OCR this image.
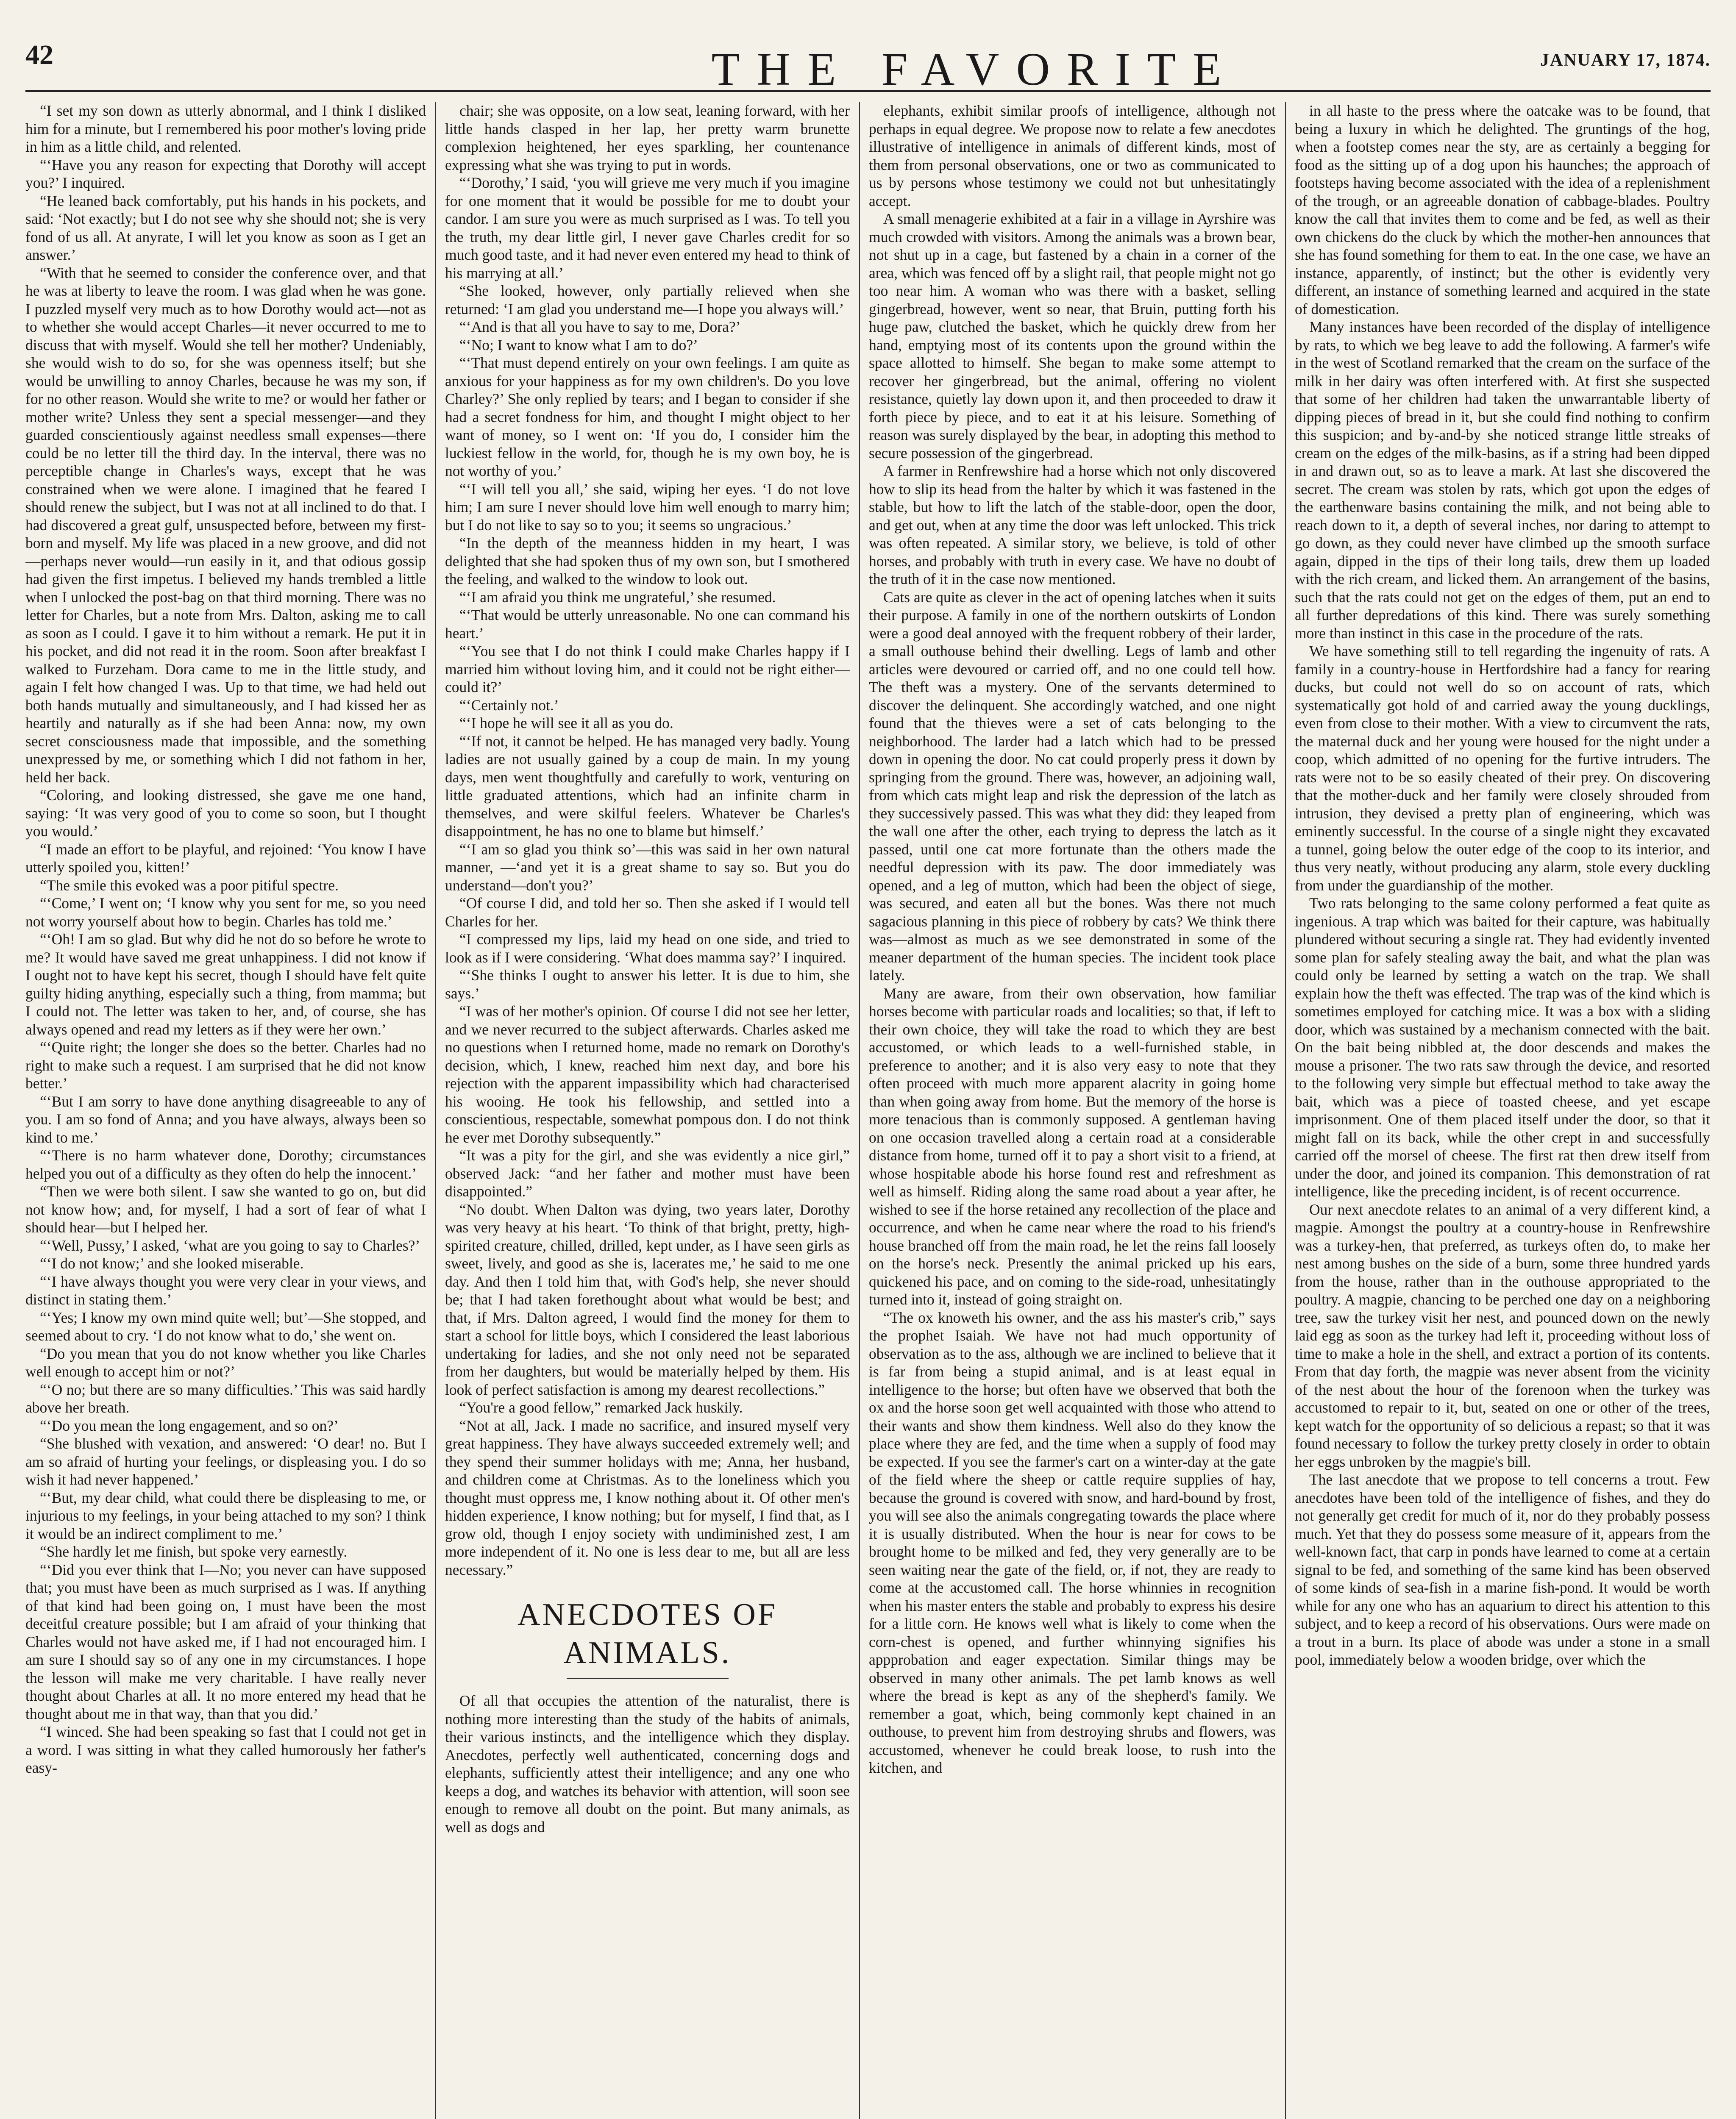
42	THE FAVORITE	JANUARY 17, 1874.

“I set my son down as utterly abnormal, and I think I disliked him for a minute, but I remembered his poor mother's loving pride in him as a little child, and relented.

“‘Have you any reason for expecting that Dorothy will accept you?’ I inquired.

“He leaned back comfortably, put his hands in his pockets, and said: ‘Not exactly; but I do not see why she should not; she is very fond of us all. At anyrate, I will let you know as soon as I get an answer.’

“With that he seemed to consider the conference over, and that he was at liberty to leave the room. I was glad when he was gone. I puzzled myself very much as to how Dorothy would act—not as to whether she would accept Charles—it never occurred to me to discuss that with myself. Would she tell her mother? Undeniably, she would wish to do so, for she was openness itself; but she would be unwilling to annoy Charles, because he was my son, if for no other reason. Would she write to me? or would her father or mother write? Unless they sent a special messenger—and they guarded conscientiously against needless small expenses—there could be no letter till the third day. In the interval, there was no perceptible change in Charles's ways, except that he was constrained when we were alone. I imagined that he feared I should renew the subject, but I was not at all inclined to do that. I had discovered a great gulf, unsuspected before, between my first-born and myself. My life was placed in a new groove, and did not—perhaps never would—run easily in it, and that odious gossip had given the first impetus. I believed my hands trembled a little when I unlocked the post-bag on that third morning. There was no letter for Charles, but a note from Mrs. Dalton, asking me to call as soon as I could. I gave it to him without a remark. He put it in his pocket, and did not read it in the room. Soon after breakfast I walked to Furzeham. Dora came to me in the little study, and again I felt how changed I was. Up to that time, we had held out both hands mutually and simultaneously, and I had kissed her as heartily and naturally as if she had been Anna: now, my own secret consciousness made that impossible, and the something unexpressed by me, or something which I did not fathom in her, held her back.

“Coloring, and looking distressed, she gave me one hand, saying: ‘It was very good of you to come so soon, but I thought you would.’

“I made an effort to be playful, and rejoined: ‘You know I have utterly spoiled you, kitten!’

“The smile this evoked was a poor pitiful spectre.

“‘Come,’ I went on; ‘I know why you sent for me, so you need not worry yourself about how to begin. Charles has told me.’

“‘Oh! I am so glad. But why did he not do so before he wrote to me? It would have saved me great unhappiness. I did not know if I ought not to have kept his secret, though I should have felt quite guilty hiding anything, especially such a thing, from mamma; but I could not. The letter was taken to her, and, of course, she has always opened and read my letters as if they were her own.’

“‘Quite right; the longer she does so the better. Charles had no right to make such a request. I am surprised that he did not know better.’

“‘But I am sorry to have done anything disagreeable to any of you. I am so fond of Anna; and you have always, always been so kind to me.’

“‘There is no harm whatever done, Dorothy; circumstances helped you out of a difficulty as they often do help the innocent.’

“Then we were both silent. I saw she wanted to go on, but did not know how; and, for myself, I had a sort of fear of what I should hear—but I helped her.

“‘Well, Pussy,’ I asked, ‘what are you going to say to Charles?’

“‘I do not know;’ and she looked miserable.

“‘I have always thought you were very clear in your views, and distinct in stating them.’

“‘Yes; I know my own mind quite well; but’—She stopped, and seemed about to cry. ‘I do not know what to do,’ she went on.

“Do you mean that you do not know whether you like Charles well enough to accept him or not?’

“‘O no; but there are so many difficulties.’ This was said hardly above her breath.

“‘Do you mean the long engagement, and so on?’

“She blushed with vexation, and answered: ‘O dear! no. But I am so afraid of hurting your feelings, or displeasing you. I do so wish it had never happened.’

“‘But, my dear child, what could there be displeasing to me, or injurious to my feelings, in your being attached to my son? I think it would be an indirect compliment to me.’

“She hardly let me finish, but spoke very earnestly.

“‘Did you ever think that I—No; you never can have supposed that; you must have been as much surprised as I was. If anything of that kind had been going on, I must have been the most deceitful creature possible; but I am afraid of your thinking that Charles would not have asked me, if I had not encouraged him. I am sure I should say so of any one in my circumstances. I hope the lesson will make me very charitable. I have really never thought about Charles at all. It no more entered my head that he thought about me in that way, than that you did.’

“I winced. She had been speaking so fast that I could not get in a word. I was sitting in what they called humorously her father's easy-

chair; she was opposite, on a low seat, leaning forward, with her little hands clasped in her lap, her pretty warm brunette complexion heightened, her eyes sparkling, her countenance expressing what she was trying to put in words.

“‘Dorothy,’ I said, ‘you will grieve me very much if you imagine for one moment that it would be possible for me to doubt your candor. I am sure you were as much surprised as I was. To tell you the truth, my dear little girl, I never gave Charles credit for so much good taste, and it had never even entered my head to think of his marrying at all.’

“She looked, however, only partially relieved when she returned: ‘I am glad you understand me—I hope you always will.’

“‘And is that all you have to say to me, Dora?’

“‘No; I want to know what I am to do?’

“‘That must depend entirely on your own feelings. I am quite as anxious for your happiness as for my own children's. Do you love Charley?’ She only replied by tears; and I began to consider if she had a secret fondness for him, and thought I might object to her want of money, so I went on: ‘If you do, I consider him the luckiest fellow in the world, for, though he is my own boy, he is not worthy of you.’

“‘I will tell you all,’ she said, wiping her eyes. ‘I do not love him; I am sure I never should love him well enough to marry him; but I do not like to say so to you; it seems so ungracious.’

“In the depth of the meanness hidden in my heart, I was delighted that she had spoken thus of my own son, but I smothered the feeling, and walked to the window to look out.

“‘I am afraid you think me ungrateful,’ she resumed.

“‘That would be utterly unreasonable. No one can command his heart.’

“‘You see that I do not think I could make Charles happy if I married him without loving him, and it could not be right either—could it?’

“‘Certainly not.’

“‘I hope he will see it all as you do.

“‘If not, it cannot be helped. He has managed very badly. Young ladies are not usually gained by a coup de main. In my young days, men went thoughtfully and carefully to work, venturing on little graduated attentions, which had an infinite charm in themselves, and were skilful feelers. Whatever be Charles's disappointment, he has no one to blame but himself.’

“‘I am so glad you think so’—this was said in her own natural manner, —‘and yet it is a great shame to say so. But you do understand—don't you?’

“Of course I did, and told her so. Then she asked if I would tell Charles for her.

“I compressed my lips, laid my head on one side, and tried to look as if I were considering. ‘What does mamma say?’ I inquired.

“‘She thinks I ought to answer his letter. It is due to him, she says.’

“I was of her mother's opinion. Of course I did not see her letter, and we never recurred to the subject afterwards. Charles asked me no questions when I returned home, made no remark on Dorothy's decision, which, I knew, reached him next day, and bore his rejection with the apparent impassibility which had characterised his wooing. He took his fellowship, and settled into a conscientious, respectable, somewhat pompous don. I do not think he ever met Dorothy subsequently.”

“It was a pity for the girl, and she was evidently a nice girl,” observed Jack: “and her father and mother must have been disappointed.”

“No doubt. When Dalton was dying, two years later, Dorothy was very heavy at his heart. ‘To think of that bright, pretty, high-spirited creature, chilled, drilled, kept under, as I have seen girls as sweet, lively, and good as she is, lacerates me,’ he said to me one day. And then I told him that, with God's help, she never should be; that I had taken forethought about what would be best; and that, if Mrs. Dalton agreed, I would find the money for them to start a school for little boys, which I considered the least laborious undertaking for ladies, and she not only need not be separated from her daughters, but would be materially helped by them. His look of perfect satisfaction is among my dearest recollections.”

“You're a good fellow,” remarked Jack huskily.

“Not at all, Jack. I made no sacrifice, and insured myself very great happiness. They have always succeeded extremely well; and they spend their summer holidays with me; Anna, her husband, and children come at Christmas. As to the loneliness which you thought must oppress me, I know nothing about it. Of other men's hidden experience, I know nothing; but for myself, I find that, as I grow old, though I enjoy society with undiminished zest, I am more independent of it. No one is less dear to me, but all are less necessary.”

ANECDOTES OF ANIMALS.

Of all that occupies the attention of the naturalist, there is nothing more interesting than the study of the habits of animals, their various instincts, and the intelligence which they display. Anecdotes, perfectly well authenticated, concerning dogs and elephants, sufficiently attest their intelligence; and any one who keeps a dog, and watches its behavior with attention, will soon see enough to remove all doubt on the point. But many animals, as well as dogs and

elephants, exhibit similar proofs of intelligence, although not perhaps in equal degree. We propose now to relate a few anecdotes illustrative of intelligence in animals of different kinds, most of them from personal observations, one or two as communicated to us by persons whose testimony we could not but unhesitatingly accept.

A small menagerie exhibited at a fair in a village in Ayrshire was much crowded with visitors. Among the animals was a brown bear, not shut up in a cage, but fastened by a chain in a corner of the area, which was fenced off by a slight rail, that people might not go too near him. A woman who was there with a basket, selling gingerbread, however, went so near, that Bruin, putting forth his huge paw, clutched the basket, which he quickly drew from her hand, emptying most of its contents upon the ground within the space allotted to himself. She began to make some attempt to recover her gingerbread, but the animal, offering no violent resistance, quietly lay down upon it, and then proceeded to draw it forth piece by piece, and to eat it at his leisure. Something of reason was surely displayed by the bear, in adopting this method to secure possession of the gingerbread.

A farmer in Renfrewshire had a horse which not only discovered how to slip its head from the halter by which it was fastened in the stable, but how to lift the latch of the stable-door, open the door, and get out, when at any time the door was left unlocked. This trick was often repeated. A similar story, we believe, is told of other horses, and probably with truth in every case. We have no doubt of the truth of it in the case now mentioned.

Cats are quite as clever in the act of opening latches when it suits their purpose. A family in one of the northern outskirts of London were a good deal annoyed with the frequent robbery of their larder, a small outhouse behind their dwelling. Legs of lamb and other articles were devoured or carried off, and no one could tell how. The theft was a mystery. One of the servants determined to discover the delinquent. She accordingly watched, and one night found that the thieves were a set of cats belonging to the neighborhood. The larder had a latch which had to be pressed down in opening the door. No cat could properly press it down by springing from the ground. There was, however, an adjoining wall, from which cats might leap and risk the depression of the latch as they successively passed. This was what they did: they leaped from the wall one after the other, each trying to depress the latch as it passed, until one cat more fortunate than the others made the needful depression with its paw. The door immediately was opened, and a leg of mutton, which had been the object of siege, was secured, and eaten all but the bones. Was there not much sagacious planning in this piece of robbery by cats? We think there was—almost as much as we see demonstrated in some of the meaner department of the human species. The incident took place lately.

Many are aware, from their own observation, how familiar horses become with particular roads and localities; so that, if left to their own choice, they will take the road to which they are best accustomed, or which leads to a well-furnished stable, in preference to another; and it is also very easy to note that they often proceed with much more apparent alacrity in going home than when going away from home. But the memory of the horse is more tenacious than is commonly supposed. A gentleman having on one occasion travelled along a certain road at a considerable distance from home, turned off it to pay a short visit to a friend, at whose hospitable abode his horse found rest and refreshment as well as himself. Riding along the same road about a year after, he wished to see if the horse retained any recollection of the place and occurrence, and when he came near where the road to his friend's house branched off from the main road, he let the reins fall loosely on the horse's neck. Presently the animal pricked up his ears, quickened his pace, and on coming to the side-road, unhesitatingly turned into it, instead of going straight on.

“The ox knoweth his owner, and the ass his master's crib,” says the prophet Isaiah. We have not had much opportunity of observation as to the ass, although we are inclined to believe that it is far from being a stupid animal, and is at least equal in intelligence to the horse; but often have we observed that both the ox and the horse soon get well acquainted with those who attend to their wants and show them kindness. Well also do they know the place where they are fed, and the time when a supply of food may be expected. If you see the farmer's cart on a winter-day at the gate of the field where the sheep or cattle require supplies of hay, because the ground is covered with snow, and hard-bound by frost, you will see also the animals congregating towards the place where it is usually distributed. When the hour is near for cows to be brought home to be milked and fed, they very generally are to be seen waiting near the gate of the field, or, if not, they are ready to come at the accustomed call. The horse whinnies in recognition when his master enters the stable and probably to express his desire for a little corn. He knows well what is likely to come when the corn-chest is opened, and further whinnying signifies his appprobation and eager expectation. Similar things may be observed in many other animals. The pet lamb knows as well where the bread is kept as any of the shepherd's family. We remember a goat, which, being commonly kept chained in an outhouse, to prevent him from destroying shrubs and flowers, was accustomed, whenever he could break loose, to rush into the kitchen, and

in all haste to the press where the oatcake was to be found, that being a luxury in which he delighted. The gruntings of the hog, when a footstep comes near the sty, are as certainly a begging for food as the sitting up of a dog upon his haunches; the approach of footsteps having become associated with the idea of a replenishment of the trough, or an agreeable donation of cabbage-blades. Poultry know the call that invites them to come and be fed, as well as their own chickens do the cluck by which the mother-hen announces that she has found something for them to eat. In the one case, we have an instance, apparently, of instinct; but the other is evidently very different, an instance of something learned and acquired in the state of domestication.

Many instances have been recorded of the display of intelligence by rats, to which we beg leave to add the following. A farmer's wife in the west of Scotland remarked that the cream on the surface of the milk in her dairy was often interfered with. At first she suspected that some of her children had taken the unwarrantable liberty of dipping pieces of bread in it, but she could find nothing to confirm this suspicion; and by-and-by she noticed strange little streaks of cream on the edges of the milk-basins, as if a string had been dipped in and drawn out, so as to leave a mark. At last she discovered the secret. The cream was stolen by rats, which got upon the edges of the earthenware basins containing the milk, and not being able to reach down to it, a depth of several inches, nor daring to attempt to go down, as they could never have climbed up the smooth surface again, dipped in the tips of their long tails, drew them up loaded with the rich cream, and licked them. An arrangement of the basins, such that the rats could not get on the edges of them, put an end to all further depredations of this kind. There was surely something more than instinct in this case in the procedure of the rats.

We have something still to tell regarding the ingenuity of rats. A family in a country-house in Hertfordshire had a fancy for rearing ducks, but could not well do so on account of rats, which systematically got hold of and carried away the young ducklings, even from close to their mother. With a view to circumvent the rats, the maternal duck and her young were housed for the night under a coop, which admitted of no opening for the furtive intruders. The rats were not to be so easily cheated of their prey. On discovering that the mother-duck and her family were closely shrouded from intrusion, they devised a pretty plan of engineering, which was eminently successful. In the course of a single night they excavated a tunnel, going below the outer edge of the coop to its interior, and thus very neatly, without producing any alarm, stole every duckling from under the guardianship of the mother.

Two rats belonging to the same colony performed a feat quite as ingenious. A trap which was baited for their capture, was habitually plundered without securing a single rat. They had evidently invented some plan for safely stealing away the bait, and what the plan was could only be learned by setting a watch on the trap. We shall explain how the theft was effected. The trap was of the kind which is sometimes employed for catching mice. It was a box with a sliding door, which was sustained by a mechanism connected with the bait. On the bait being nibbled at, the door descends and makes the mouse a prisoner. The two rats saw through the device, and resorted to the following very simple but effectual method to take away the bait, which was a piece of toasted cheese, and yet escape imprisonment. One of them placed itself under the door, so that it might fall on its back, while the other crept in and successfully carried off the morsel of cheese. The first rat then drew itself from under the door, and joined its companion. This demonstration of rat intelligence, like the preceding incident, is of recent occurrence.

Our next anecdote relates to an animal of a very different kind, a magpie. Amongst the poultry at a country-house in Renfrewshire was a turkey-hen, that preferred, as turkeys often do, to make her nest among bushes on the side of a burn, some three hundred yards from the house, rather than in the outhouse appropriated to the poultry. A magpie, chancing to be perched one day on a neighboring tree, saw the turkey visit her nest, and pounced down on the newly laid egg as soon as the turkey had left it, proceeding without loss of time to make a hole in the shell, and extract a portion of its contents. From that day forth, the magpie was never absent from the vicinity of the nest about the hour of the forenoon when the turkey was accustomed to repair to it, but, seated on one or other of the trees, kept watch for the opportunity of so delicious a repast; so that it was found necessary to follow the turkey pretty closely in order to obtain her eggs unbroken by the magpie's bill.

The last anecdote that we propose to tell concerns a trout. Few anecdotes have been told of the intelligence of fishes, and they do not generally get credit for much of it, nor do they probably possess much. Yet that they do possess some measure of it, appears from the well-known fact, that carp in ponds have learned to come at a certain signal to be fed, and something of the same kind has been observed of some kinds of sea-fish in a marine fish-pond. It would be worth while for any one who has an aquarium to direct his attention to this subject, and to keep a record of his observations. Ours were made on a trout in a burn. Its place of abode was under a stone in a small pool, immediately below a wooden bridge, over which the
